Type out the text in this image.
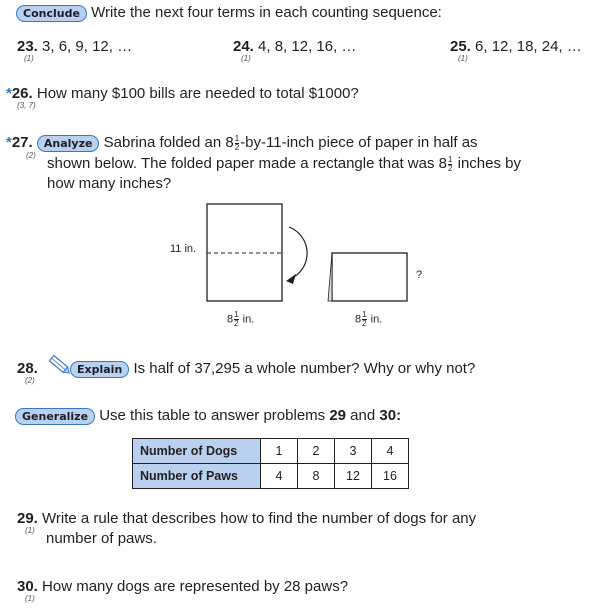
Conclude Write the next four terms in each counting sequence:
23. 3, 6, 9, 12, …
(1)
24. 4, 8, 12, 16, …
(1)
25. 6, 12, 18, 24, …
(1)
*26. How many $100 bills are needed to total $1000?
(3, 7)
*27. Analyze Sabrina folded an $8 \frac{1}{2}$ -by-11-inch piece of paper in half as
(2) shown below. The folded paper made a rectangle that was $8 \frac{1}{2}$ inches by
how many inches?
11 in.
?
$8 \frac{1}{2}$ in.	$8 \frac{1}{2}$ in.
28.	Explain Is half of 37,295 a whole number? Why or why not?
(2)
Generalize Use this table to answer problems 29 and 30:
Number of Dogs	1	2	3	4
Number of Paws	4	8	12	16
29. Write a rule that describes how to find the number of dogs for any
(1) number of paws.
30. How many dogs are represented by 28 paws?
(1)
